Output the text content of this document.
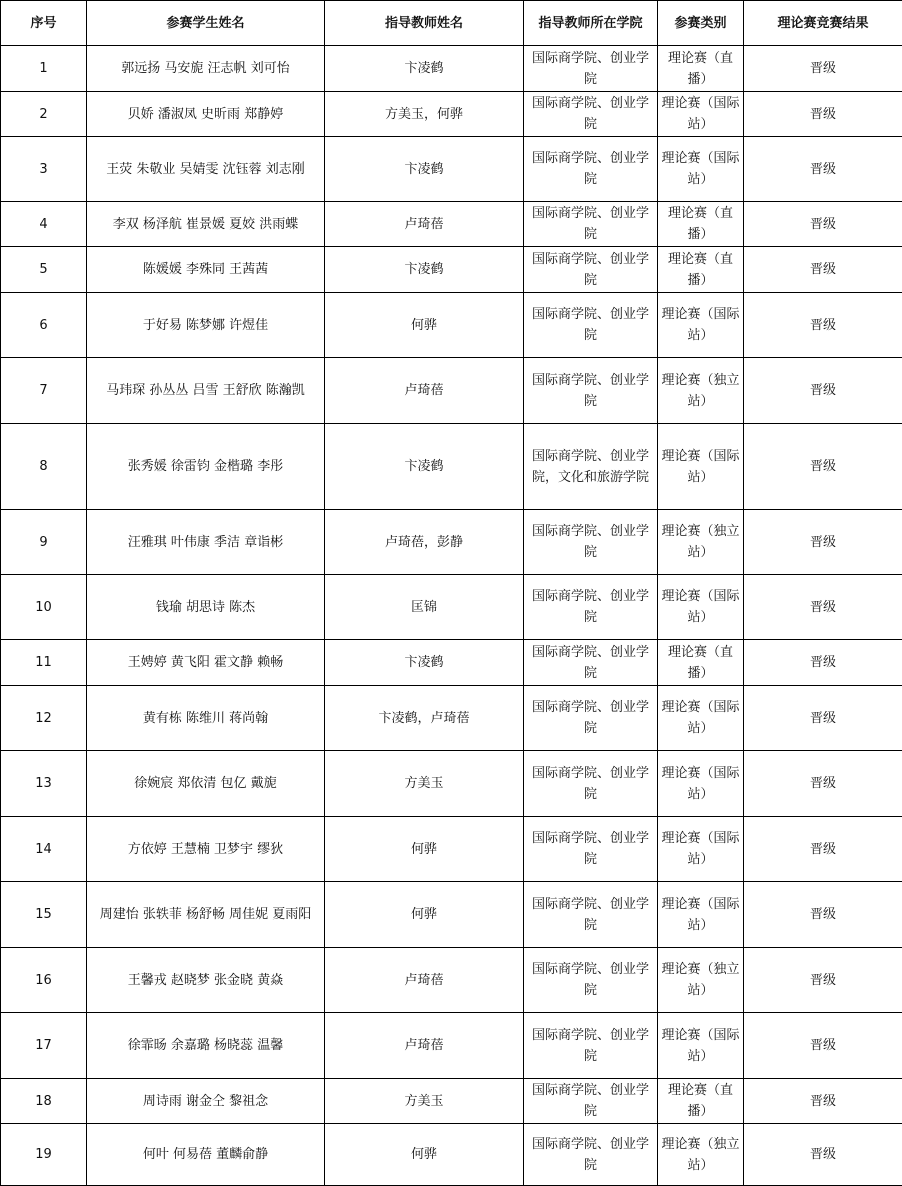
序号	参赛学生姓名	指导教师姓名	指导教师所在学院	参赛类别	理论赛竞赛结果
1	郭远扬 马安旎 汪志帆 刘可怡	卞凌鹤	国际商学院、创业学院	理论赛（直播）	晋级
2	贝娇 潘淑凤 史昕雨 郑静婷	方美玉，何骅	国际商学院、创业学院	理论赛（国际站）	晋级
3	王荧 朱敬业 吴婧雯 沈钰蓉 刘志刚	卞凌鹤	国际商学院、创业学院	理论赛（国际站）	晋级
4	李双 杨泽航 崔景媛 夏姣 洪雨蝶	卢琦蓓	国际商学院、创业学院	理论赛（直播）	晋级
5	陈媛媛 李殊同 王茜茜	卞凌鹤	国际商学院、创业学院	理论赛（直播）	晋级
6	于好易 陈梦娜 许煜佳	何骅	国际商学院、创业学院	理论赛（国际站）	晋级
7	马玮琛 孙丛丛 吕雪 王舒欣 陈瀚凯	卢琦蓓	国际商学院、创业学院	理论赛（独立站）	晋级
8	张秀媛 徐雷钧 金楷璐 李彤	卞凌鹤	国际商学院、创业学院，文化和旅游学院	理论赛（国际站）	晋级
9	汪雅琪 叶伟康 季洁 章诣彬	卢琦蓓，彭静	国际商学院、创业学院	理论赛（独立站）	晋级
10	钱瑜 胡思诗 陈杰	匡锦	国际商学院、创业学院	理论赛（国际站）	晋级
11	王娉婷 黄飞阳 霍文静 赖畅	卞凌鹤	国际商学院、创业学院	理论赛（直播）	晋级
12	黄有栋 陈维川 蒋尚翰	卞凌鹤，卢琦蓓	国际商学院、创业学院	理论赛（国际站）	晋级
13	徐婉宸 郑依清 包亿 戴旎	方美玉	国际商学院、创业学院	理论赛（国际站）	晋级
14	方依婷 王慧楠 卫梦宇 缪狄	何骅	国际商学院、创业学院	理论赛（国际站）	晋级
15	周建怡 张轶菲 杨舒畅 周佳妮 夏雨阳	何骅	国际商学院、创业学院	理论赛（国际站）	晋级
16	王馨戎 赵晓梦 张金晓 黄焱	卢琦蓓	国际商学院、创业学院	理论赛（独立站）	晋级
17	徐霏旸 余嘉璐 杨晓蕊 温馨	卢琦蓓	国际商学院、创业学院	理论赛（国际站）	晋级
18	周诗雨 谢金仝 黎祖念	方美玉	国际商学院、创业学院	理论赛（直播）	晋级
19	何叶 何易蓓 董麟俞静	何骅	国际商学院、创业学院	理论赛（独立站）	晋级
